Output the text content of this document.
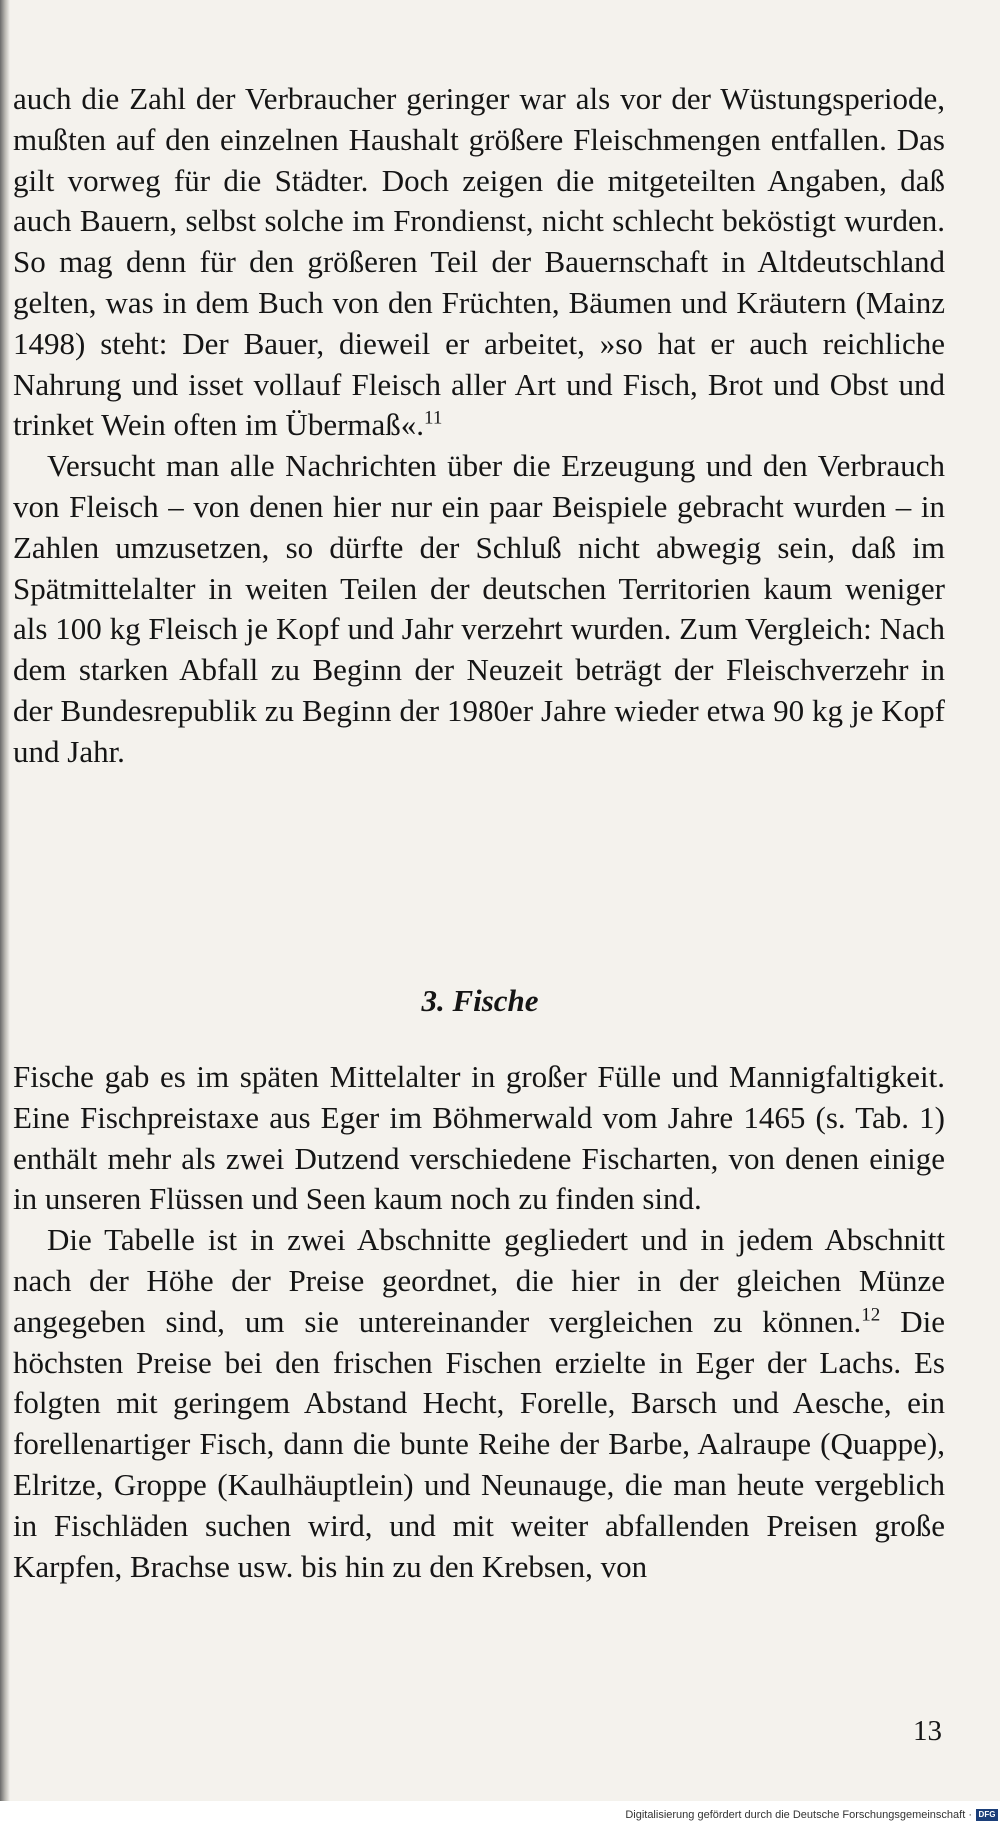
auch die Zahl der Verbraucher geringer war als vor der Wüstungsperiode, mußten auf den einzelnen Haushalt größere Fleischmengen entfallen. Das gilt vorweg für die Städter. Doch zeigen die mitgeteilten Angaben, daß auch Bauern, selbst solche im Frondienst, nicht schlecht beköstigt wurden. So mag denn für den größeren Teil der Bauernschaft in Altdeutschland gelten, was in dem Buch von den Früchten, Bäumen und Kräutern (Mainz 1498) steht: Der Bauer, dieweil er arbeitet, »so hat er auch reichliche Nahrung und isset vollauf Fleisch aller Art und Fisch, Brot und Obst und trinket Wein often im Übermaß«.$^{11}$

Versucht man alle Nachrichten über die Erzeugung und den Verbrauch von Fleisch – von denen hier nur ein paar Beispiele gebracht wurden – in Zahlen umzusetzen, so dürfte der Schluß nicht abwegig sein, daß im Spätmittelalter in weiten Teilen der deutschen Territorien kaum weniger als 100 kg Fleisch je Kopf und Jahr verzehrt wurden. Zum Vergleich: Nach dem starken Abfall zu Beginn der Neuzeit beträgt der Fleischverzehr in der Bundesrepublik zu Beginn der 1980er Jahre wieder etwa 90 kg je Kopf und Jahr.

3. Fische

Fische gab es im späten Mittelalter in großer Fülle und Mannigfaltigkeit. Eine Fischpreistaxe aus Eger im Böhmerwald vom Jahre 1465 (s. Tab. 1) enthält mehr als zwei Dutzend verschiedene Fischarten, von denen einige in unseren Flüssen und Seen kaum noch zu finden sind.

Die Tabelle ist in zwei Abschnitte gegliedert und in jedem Abschnitt nach der Höhe der Preise geordnet, die hier in der gleichen Münze angegeben sind, um sie untereinander vergleichen zu können.$^{12}$ Die höchsten Preise bei den frischen Fischen erzielte in Eger der Lachs. Es folgten mit geringem Abstand Hecht, Forelle, Barsch und Aesche, ein forellenartiger Fisch, dann die bunte Reihe der Barbe, Aalraupe (Quappe), Elritze, Groppe (Kaulhäuptlein) und Neunauge, die man heute vergeblich in Fischläden suchen wird, und mit weiter abfallenden Preisen große Karpfen, Brachse usw. bis hin zu den Krebsen, von

13
Digitalisierung gefördert durch die Deutsche Forschungsgemeinschaft · DFG
